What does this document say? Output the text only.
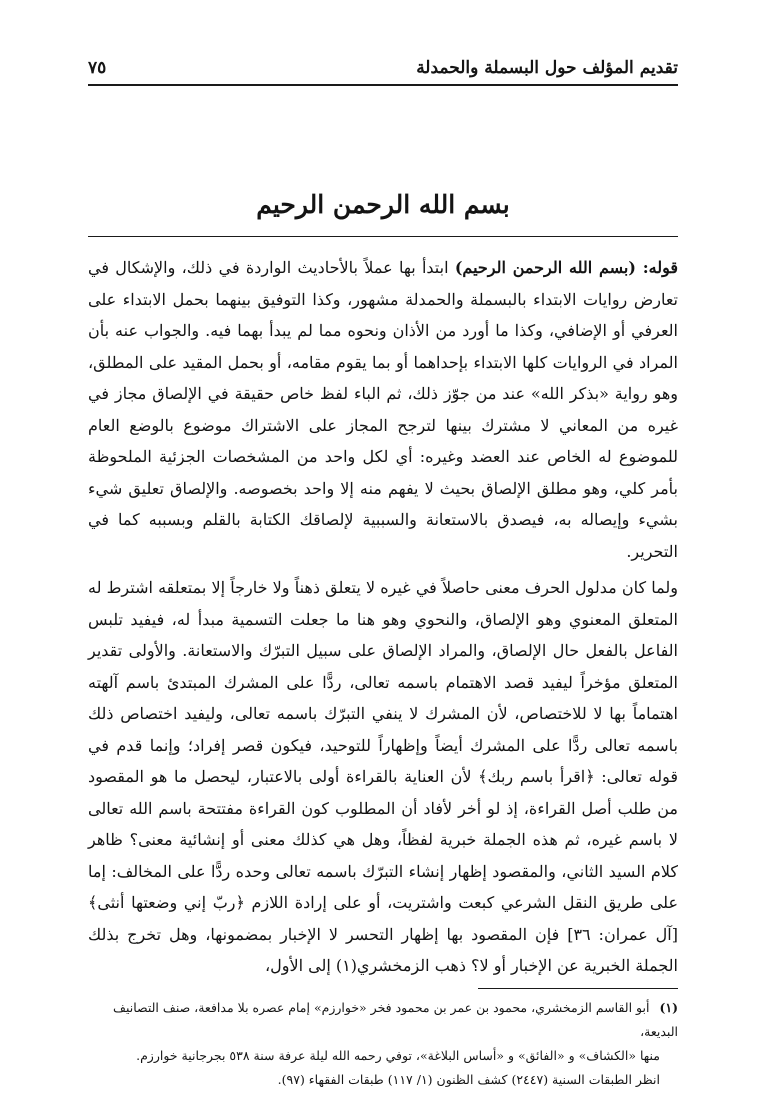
تقديم المؤلف حول البسملة والحمدلة
٧٥
بسم الله الرحمن الرحيم

قوله: (بسم الله الرحمن الرحيم) ابتدأ بها عملاً بالأحاديث الواردة في ذلك، والإشكال في تعارض روايات الابتداء بالبسملة والحمدلة مشهور، وكذا التوفيق بينهما بحمل الابتداء على العرفي أو الإضافي، وكذا ما أورد من الأذان ونحوه مما لم يبدأ بهما فيه. والجواب عنه بأن المراد في الروايات كلها الابتداء بإحداهما أو بما يقوم مقامه، أو بحمل المقيد على المطلق، وهو رواية «بذكر الله» عند من جوّز ذلك، ثم الباء لفظ خاص حقيقة في الإلصاق مجاز في غيره من المعاني لا مشترك بينها لترجح المجاز على الاشتراك موضوع بالوضع العام للموضوع له الخاص عند العضد وغيره: أي لكل واحد من المشخصات الجزئية الملحوظة بأمر كلي، وهو مطلق الإلصاق بحيث لا يفهم منه إلا واحد بخصوصه. والإلصاق تعليق شيء بشيء وإيصاله به، فيصدق بالاستعانة والسببية لإلصاقك الكتابة بالقلم وبسببه كما في التحرير.

ولما كان مدلول الحرف معنى حاصلاً في غيره لا يتعلق ذهناً ولا خارجاً إلا بمتعلقه اشترط له المتعلق المعنوي وهو الإلصاق، والنحوي وهو هنا ما جعلت التسمية مبدأ له، فيفيد تلبس الفاعل بالفعل حال الإلصاق، والمراد الإلصاق على سبيل التبرّك والاستعانة. والأولى تقدير المتعلق مؤخراً ليفيد قصد الاهتمام باسمه تعالى، ردًّا على المشرك المبتدئ باسم آلهته اهتماماً بها لا للاختصاص، لأن المشرك لا ينفي التبرّك باسمه تعالى، وليفيد اختصاص ذلك باسمه تعالى ردًّا على المشرك أيضاً وإظهاراً للتوحيد، فيكون قصر إفراد؛ وإنما قدم في قوله تعالى: ﴿اقرأ باسم ربك﴾ لأن العناية بالقراءة أولى بالاعتبار، ليحصل ما هو المقصود من طلب أصل القراءة، إذ لو أخر لأفاد أن المطلوب كون القراءة مفتتحة باسم الله تعالى لا باسم غيره، ثم هذه الجملة خبرية لفظاً، وهل هي كذلك معنى أو إنشائية معنى؟ ظاهر كلام السيد الثاني، والمقصود إظهار إنشاء التبرّك باسمه تعالى وحده ردًّا على المخالف: إما على طريق النقل الشرعي كبعت واشتريت، أو على إرادة اللازم ﴿ربّ إني وضعتها أنثى﴾ [آل عمران: ٣٦] فإن المقصود بها إظهار التحسر لا الإخبار بمضمونها، وهل تخرج بذلك الجملة الخبرية عن الإخبار أو لا؟ ذهب الزمخشري(١) إلى الأول،

(١)أبو القاسم الزمخشري، محمود بن عمر بن محمود فخر «خوارزم» إمام عصره بلا مدافعة، صنف التصانيف البديعة،
منها «الكشاف» و «الفائق» و «أساس البلاغة»، توفي رحمه الله ليلة عرفة سنة ٥٣٨ بجرجانية خوارزم.
انظر الطبقات السنية (٢٤٤٧) كشف الظنون (١/ ١١٧) طبقات الفقهاء (٩٧).
